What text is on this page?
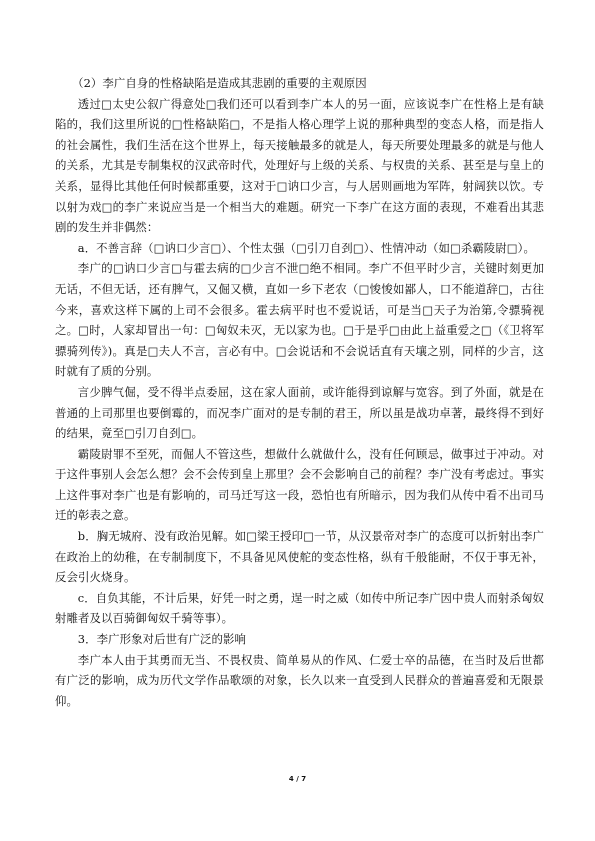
（2）李广自身的性格缺陷是造成其悲剧的重要的主观原因

透过□太史公叙广得意处□我们还可以看到李广本人的另一面，应该说李广在性格上是有缺陷的，我们这里所说的□性格缺陷□，不是指人格心理学上说的那种典型的变态人格，而是指人的社会属性，我们生活在这个世界上，每天接触最多的就是人，每天所要处理最多的就是与他人的关系，尤其是专制集权的汉武帝时代，处理好与上级的关系、与权贵的关系、甚至是与皇上的关系，显得比其他任何时候都重要，这对于□讷口少言，与人居则画地为军阵，射阔狭以饮。专以射为戏□的李广来说应当是一个相当大的难题。研究一下李广在这方面的表现，不难看出其悲剧的发生并非偶然：

a．不善言辞（□讷口少言□）、个性太强（□引刀自刭□）、性情冲动（如□杀霸陵尉□）。

李广的□讷口少言□与霍去病的□少言不泄□绝不相同。李广不但平时少言，关键时刻更加无话，不但无话，还有脾气，又倔又横，直如一乡下老农（□悛悛如鄙人，口不能道辞□，古往今来，喜欢这样下属的上司不会很多。霍去病平时也不爱说话，可是当□天子为治第,令骠骑视之。□时，人家却冒出一句：□匈奴未灭，无以家为也。□于是乎□由此上益重爱之□（《卫将军骠骑列传》)。真是□夫人不言，言必有中。□会说话和不会说话直有天壤之别，同样的少言，这时就有了质的分别。

言少脾气倔，受不得半点委屈，这在家人面前，或许能得到谅解与宽容。到了外面，就是在普通的上司那里也要倒霉的，而况李广面对的是专制的君王，所以虽是战功卓著，最终得不到好的结果，竟至□引刀自刭□。

霸陵尉罪不至死，而倔人不管这些，想做什么就做什么，没有任何顾忌，做事过于冲动。对于这件事别人会怎么想？会不会传到皇上那里？会不会影响自己的前程？李广没有考虑过。事实上这件事对李广也是有影响的，司马迁写这一段，恐怕也有所暗示，因为我们从传中看不出司马迁的彰表之意。

b．胸无城府、没有政治见解。如□梁王授印□一节，从汉景帝对李广的态度可以折射出李广在政治上的幼稚，在专制制度下，不具备见风使舵的变态性格，纵有千般能耐，不仅于事无补，反会引火烧身。

c．自负其能，不计后果，好凭一时之勇，逞一时之威（如传中所记李广因中贵人而射杀匈奴射雕者及以百骑御匈奴千骑等事）。

3．李广形象对后世有广泛的影响

李广本人由于其勇而无当、不畏权贵、简单易从的作风、仁爱士卒的品德，在当时及后世都有广泛的影响，成为历代文学作品歌颂的对象，长久以来一直受到人民群众的普遍喜爱和无限景仰。

4 / 7
